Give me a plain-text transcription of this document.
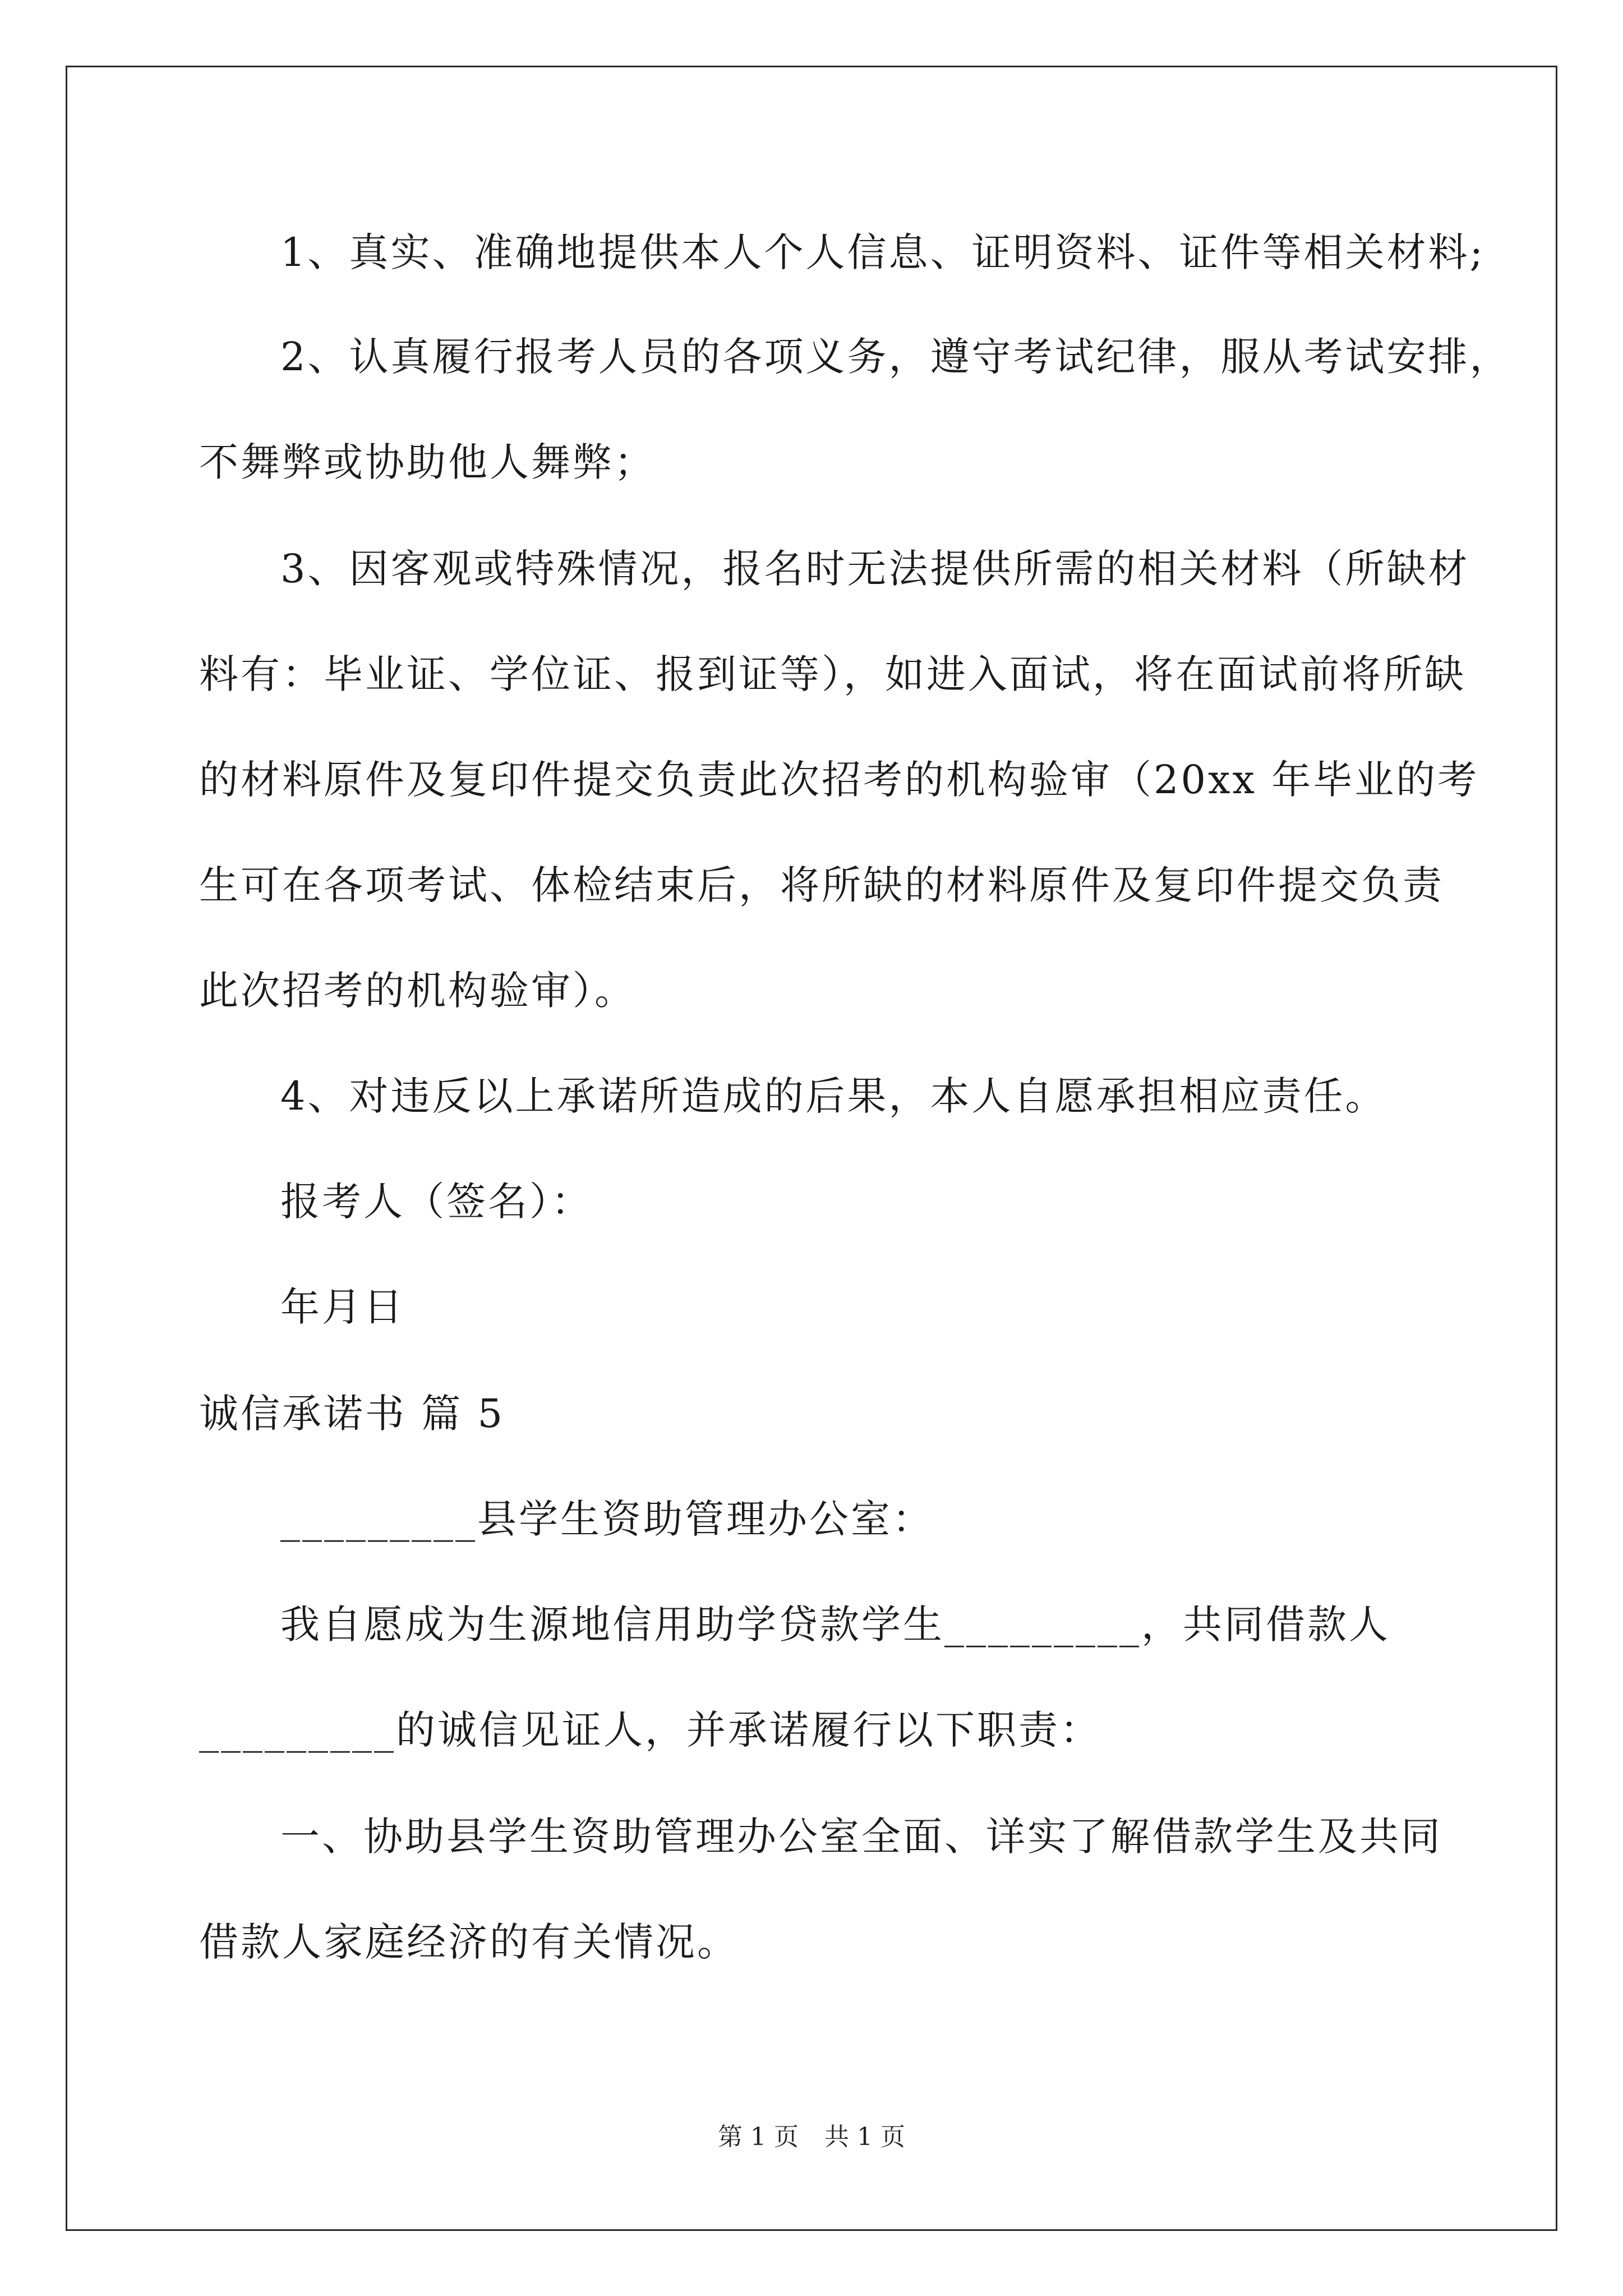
1、真实、准确地提供本人个人信息、证明资料、证件等相关材料;
2、认真履行报考人员的各项义务，遵守考试纪律，服从考试安排，
不舞弊或协助他人舞弊；
3、因客观或特殊情况，报名时无法提供所需的相关材料（所缺材
料有：毕业证、学位证、报到证等），如进入面试，将在面试前将所缺
的材料原件及复印件提交负责此次招考的机构验审（20xx 年毕业的考
生可在各项考试、体检结束后，将所缺的材料原件及复印件提交负责
此次招考的机构验审）。
4、对违反以上承诺所造成的后果，本人自愿承担相应责任。
报考人（签名）：
年月日
诚信承诺书 篇 5
_________县学生资助管理办公室：
我自愿成为生源地信用助学贷款学生_________，共同借款人
_________的诚信见证人，并承诺履行以下职责：
一、协助县学生资助管理办公室全面、详实了解借款学生及共同
借款人家庭经济的有关情况。
第 1 页 共 1 页
